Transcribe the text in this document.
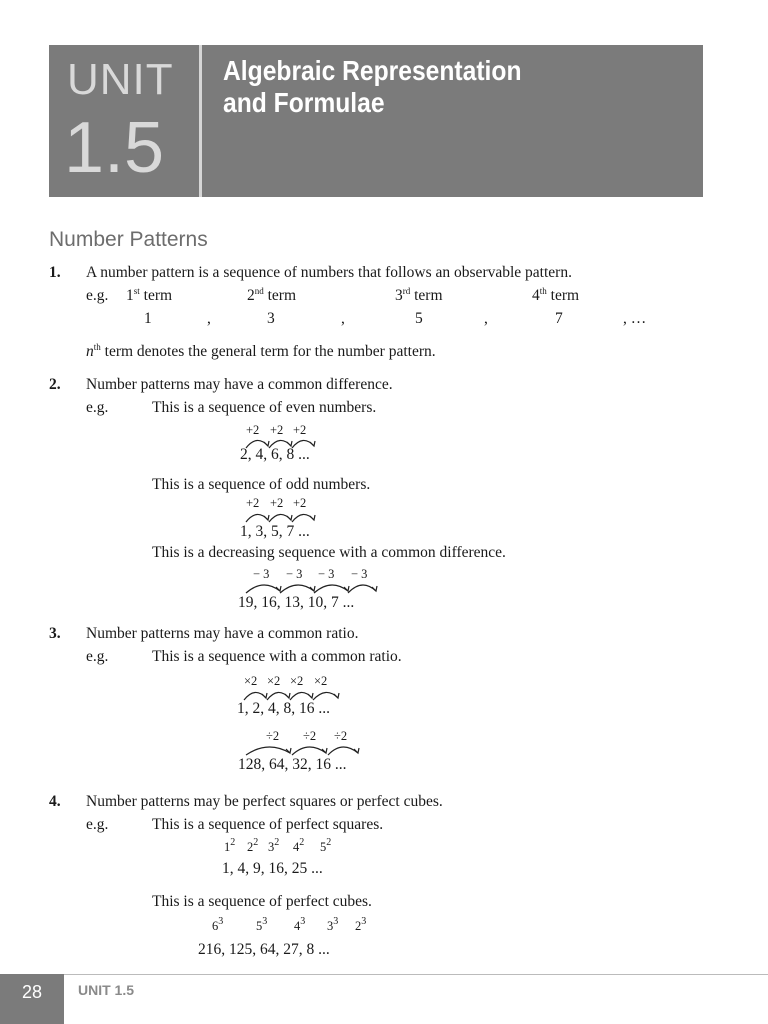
UNIT
1.5
Algebraic Representation
and Formulae
Number Patterns
1. A number pattern is a sequence of numbers that follows an observable pattern.
e.g. 1st term	2nd term	3rd term	4th term
1	,	3	,	5	,	7	, …
$n^{th}$ term denotes the general term for the number pattern.
2. Number patterns may have a common difference.
e.g.	This is a sequence of even numbers.
+2 +2 +2
2, 4, 6, 8 ...
This is a sequence of odd numbers.
+2 +2 +2
1, 3, 5, 7 ...
This is a decreasing sequence with a common difference.
− 3 − 3 − 3 − 3
19, 16, 13, 10, 7 ...
3. Number patterns may have a common ratio.
e.g.	This is a sequence with a common ratio.
×2 ×2 ×2 ×2
1, 2, 4, 8, 16 ...
÷2 ÷2 ÷2
128, 64, 32, 16 ...
4. Number patterns may be perfect squares or perfect cubes.
e.g.	This is a sequence of perfect squares.
$1^2$ $2^2$ $3^2$ $4^2$ $5^2$
1, 4, 9, 16, 25 ...
This is a sequence of perfect cubes.
$6^3$	$5^3$ $4^3$ $3^3$ $2^3$
216, 125, 64, 27, 8 ...
28	UNIT 1.5
